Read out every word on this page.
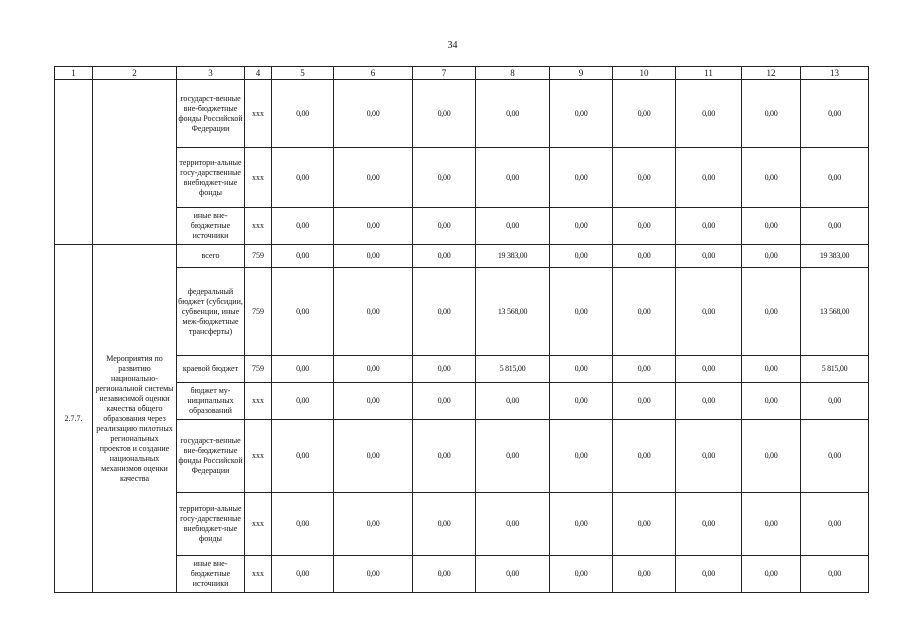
34
1	2	3	4	5	6	7	8	9	10	11	12	13
		государст-венные вне-бюджетные фонды Российской Федерации	ххх	0,00	0,00	0,00	0,00	0,00	0,00	0,00	0,00	0,00
		территори-альные госу-дарственные внебюджет-ные фонды	ххх	0,00	0,00	0,00	0,00	0,00	0,00	0,00	0,00	0,00
		иные вне-бюджетные источники	ххх	0,00	0,00	0,00	0,00	0,00	0,00	0,00	0,00	0,00
2.7.7.	Мероприятия по развитию национально-региональной системы независимой оценки качества общего образования через реализацию пилотных региональных проектов и создание национальных механизмов оценки качества	всего	759	0,00	0,00	0,00	19 383,00	0,00	0,00	0,00	0,00	19 383,00
		федеральный бюджет (субсидии, субвенции, иные меж-бюджетные трансферты)	759	0,00	0,00	0,00	13 568,00	0,00	0,00	0,00	0,00	13 568,00
		краевой бюджет	759	0,00	0,00	0,00	5 815,00	0,00	0,00	0,00	0,00	5 815,00
		бюджет му-ниципальных образований	ххх	0,00	0,00	0,00	0,00	0,00	0,00	0,00	0,00	0,00
		государст-венные вне-бюджетные фонды Российской Федерации	ххх	0,00	0,00	0,00	0,00	0,00	0,00	0,00	0,00	0,00
		территори-альные госу-дарственные внебюджет-ные фонды	ххх	0,00	0,00	0,00	0,00	0,00	0,00	0,00	0,00	0,00
		иные вне-бюджетные источники	ххх	0,00	0,00	0,00	0,00	0,00	0,00	0,00	0,00	0,00
